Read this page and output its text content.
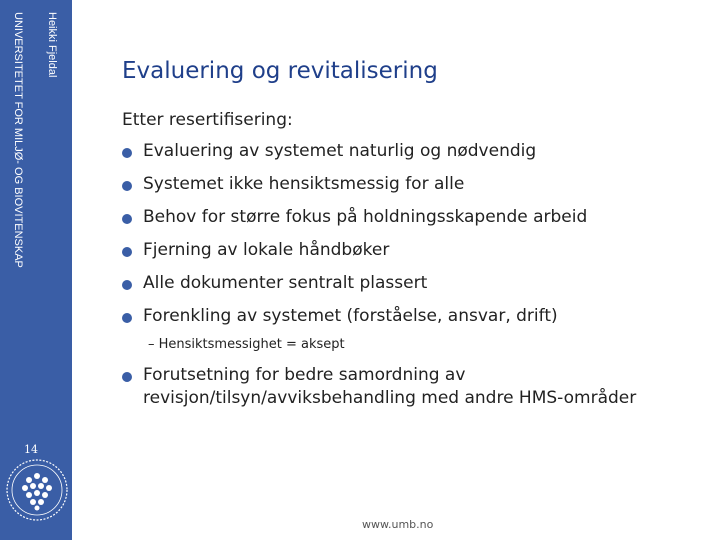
Heikki Fjeldal
UNIVERSITETET FOR MILJØ- OG BIOVITENSKAP
14
Evaluering og revitalisering
Etter resertifisering:
Evaluering av systemet naturlig og nødvendig
Systemet ikke hensiktsmessig for alle
Behov for større fokus på holdningsskapende arbeid
Fjerning av lokale håndbøker
Alle dokumenter sentralt plassert
Forenkling av systemet (forståelse, ansvar, drift)
– Hensiktsmessighet = aksept
Forutsetning for bedre samordning av revisjon/tilsyn/avviksbehandling med andre HMS-områder
www.umb.no
